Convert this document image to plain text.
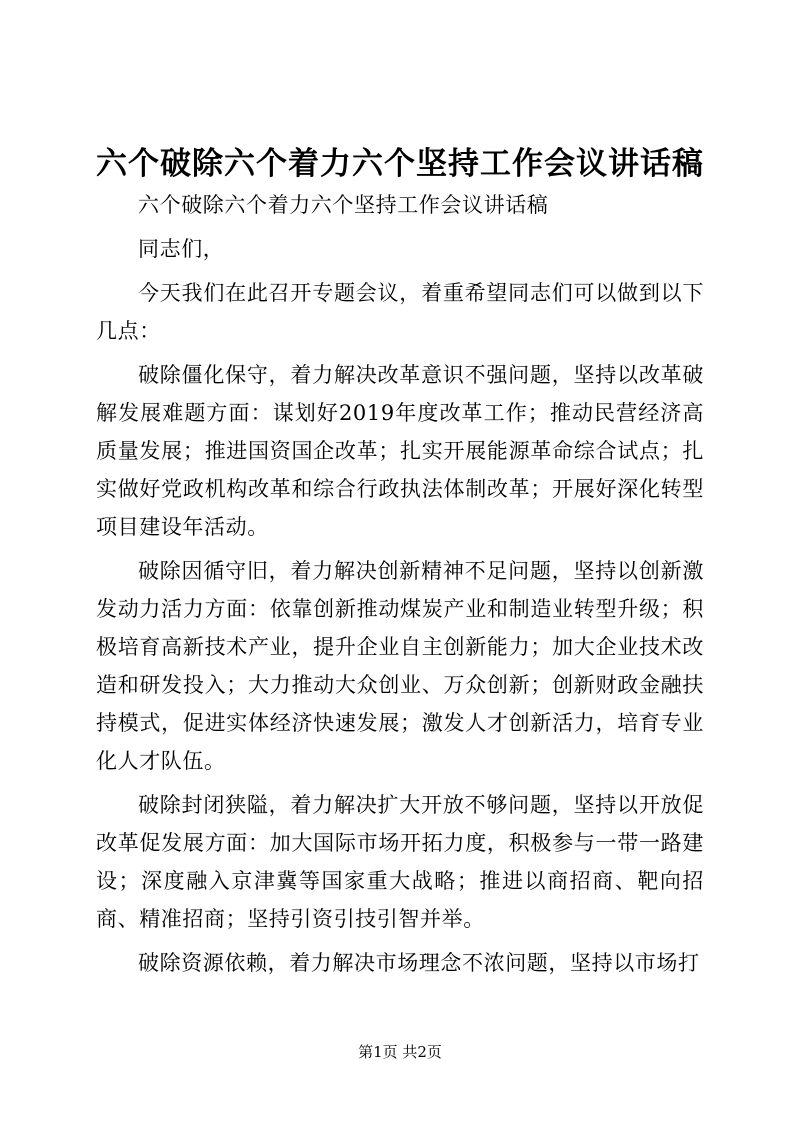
六个破除六个着力六个坚持工作会议讲话稿

六个破除六个着力六个坚持工作会议讲话稿

同志们，

今天我们在此召开专题会议，着重希望同志们可以做到以下几点：

破除僵化保守，着力解决改革意识不强问题，坚持以改革破解发展难题方面：谋划好2019年度改革工作；推动民营经济高质量发展；推进国资国企改革；扎实开展能源革命综合试点；扎实做好党政机构改革和综合行政执法体制改革；开展好深化转型项目建设年活动。

破除因循守旧，着力解决创新精神不足问题，坚持以创新激发动力活力方面：依靠创新推动煤炭产业和制造业转型升级；积极培育高新技术产业，提升企业自主创新能力；加大企业技术改造和研发投入；大力推动大众创业、万众创新；创新财政金融扶持模式，促进实体经济快速发展；激发人才创新活力，培育专业化人才队伍。

破除封闭狭隘，着力解决扩大开放不够问题，坚持以开放促改革促发展方面：加大国际市场开拓力度，积极参与一带一路建设；深度融入京津冀等国家重大战略；推进以商招商、靶向招商、精准招商；坚持引资引技引智并举。

破除资源依赖，着力解决市场理念不浓问题，坚持以市场打

第1页 共2页
